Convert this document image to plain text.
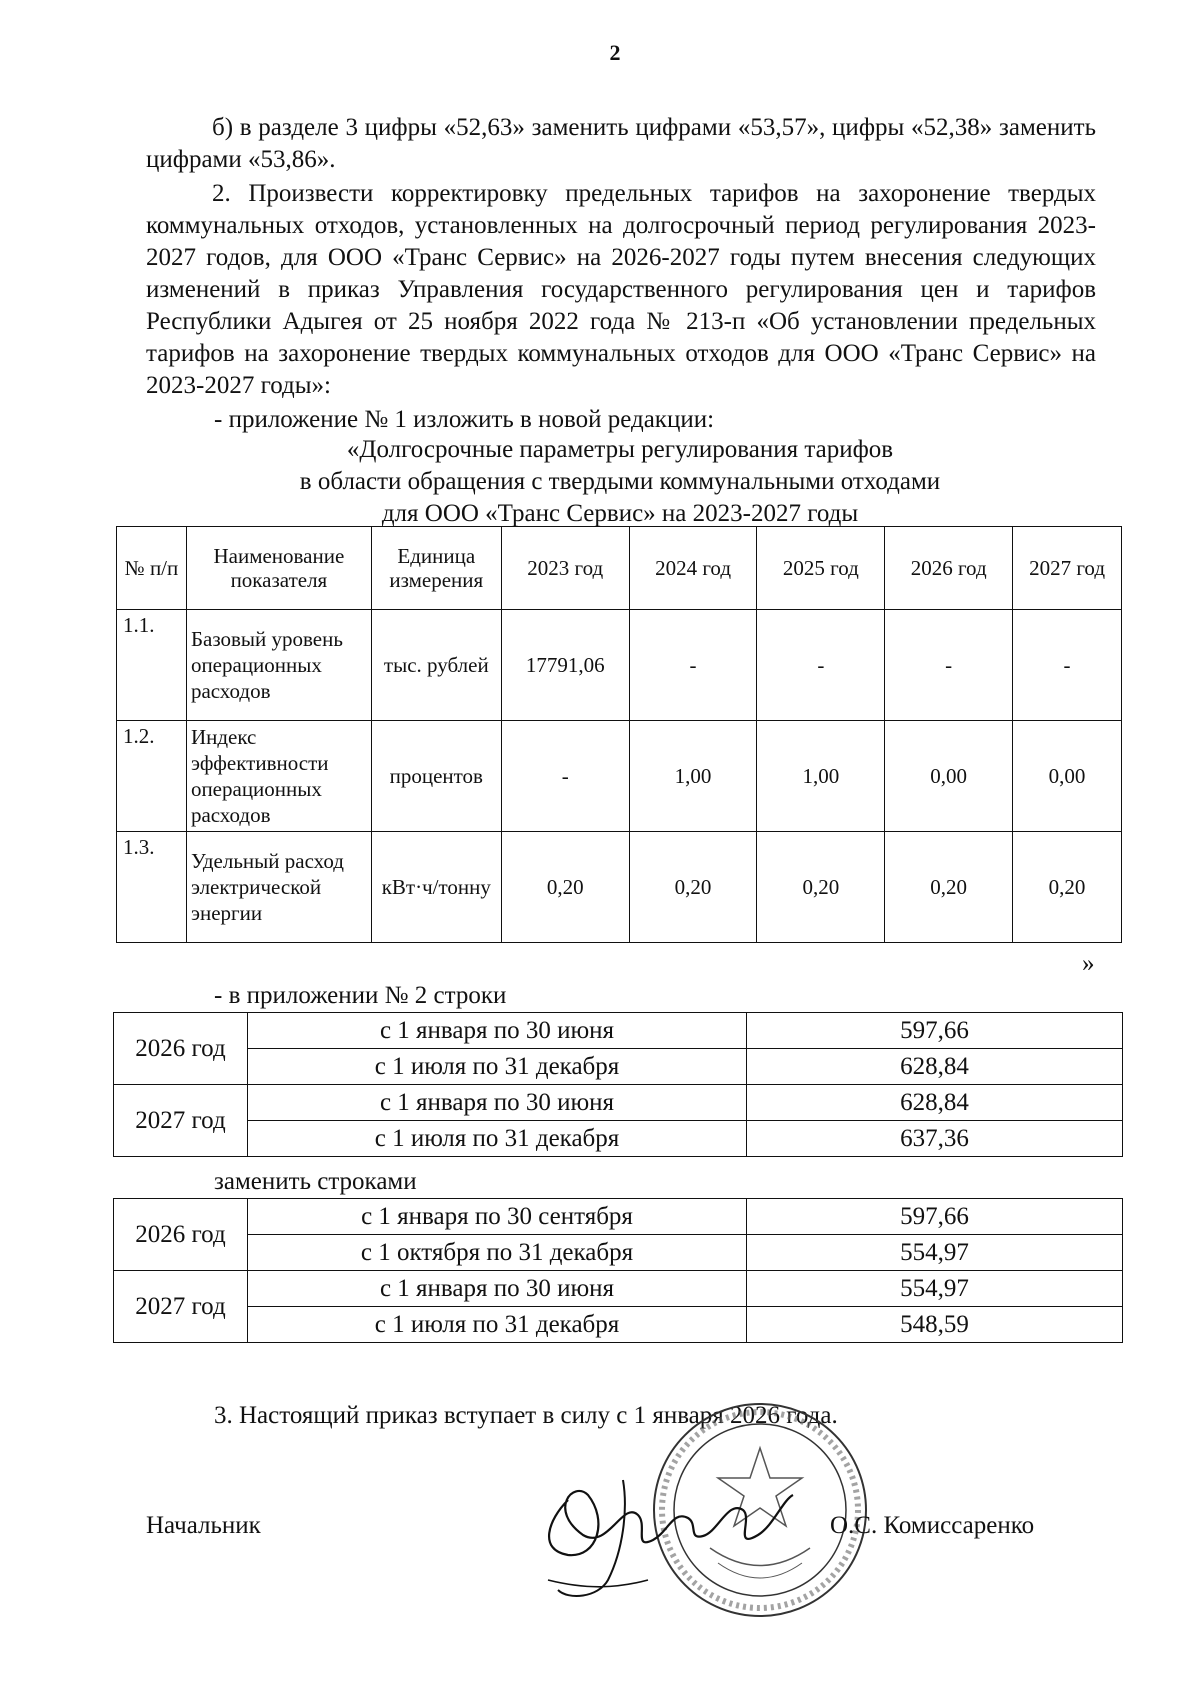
2
б) в разделе 3 цифры «52,63» заменить цифрами «53,57», цифры «52,38» заменить цифрами «53,86».
2. Произвести корректировку предельных тарифов на захоронение твердых коммунальных отходов, установленных на долгосрочный период регулирования 2023-2027 годов, для ООО «Транс Сервис» на 2026-2027 годы путем внесения следующих изменений в приказ Управления государственного регулирования цен и тарифов Республики Адыгея от 25 ноября 2022 года № 213-п «Об установлении предельных тарифов на захоронение твердых коммунальных отходов для ООО «Транс Сервис» на 2023-2027 годы»:
- приложение № 1 изложить в новой редакции:
«Долгосрочные параметры регулирования тарифов
в области обращения с твердыми коммунальными отходами
для ООО «Транс Сервис» на 2023-2027 годы
№ п/п	Наименование показателя	Единица измерения	2023 год	2024 год	2025 год	2026 год	2027 год
1.1.	Базовый уровень операционных расходов	тыс. рублей	17791,06	-	-	-	-
1.2.	Индекс эффективности операционных расходов	процентов	-	1,00	1,00	0,00	0,00
1.3.	Удельный расход электрической энергии	кВт·ч/тонну	0,20	0,20	0,20	0,20	0,20
»
- в приложении № 2 строки
2026 год	с 1 января по 30 июня	597,66
	с 1 июля по 31 декабря	628,84
2027 год	с 1 января по 30 июня	628,84
	с 1 июля по 31 декабря	637,36
заменить строками
2026 год	с 1 января по 30 сентября	597,66
	с 1 октября по 31 декабря	554,97
2027 год	с 1 января по 30 июня	554,97
	с 1 июля по 31 декабря	548,59
3. Настоящий приказ вступает в силу с 1 января 2026 года.
Начальник	О.С. Комиссаренко
